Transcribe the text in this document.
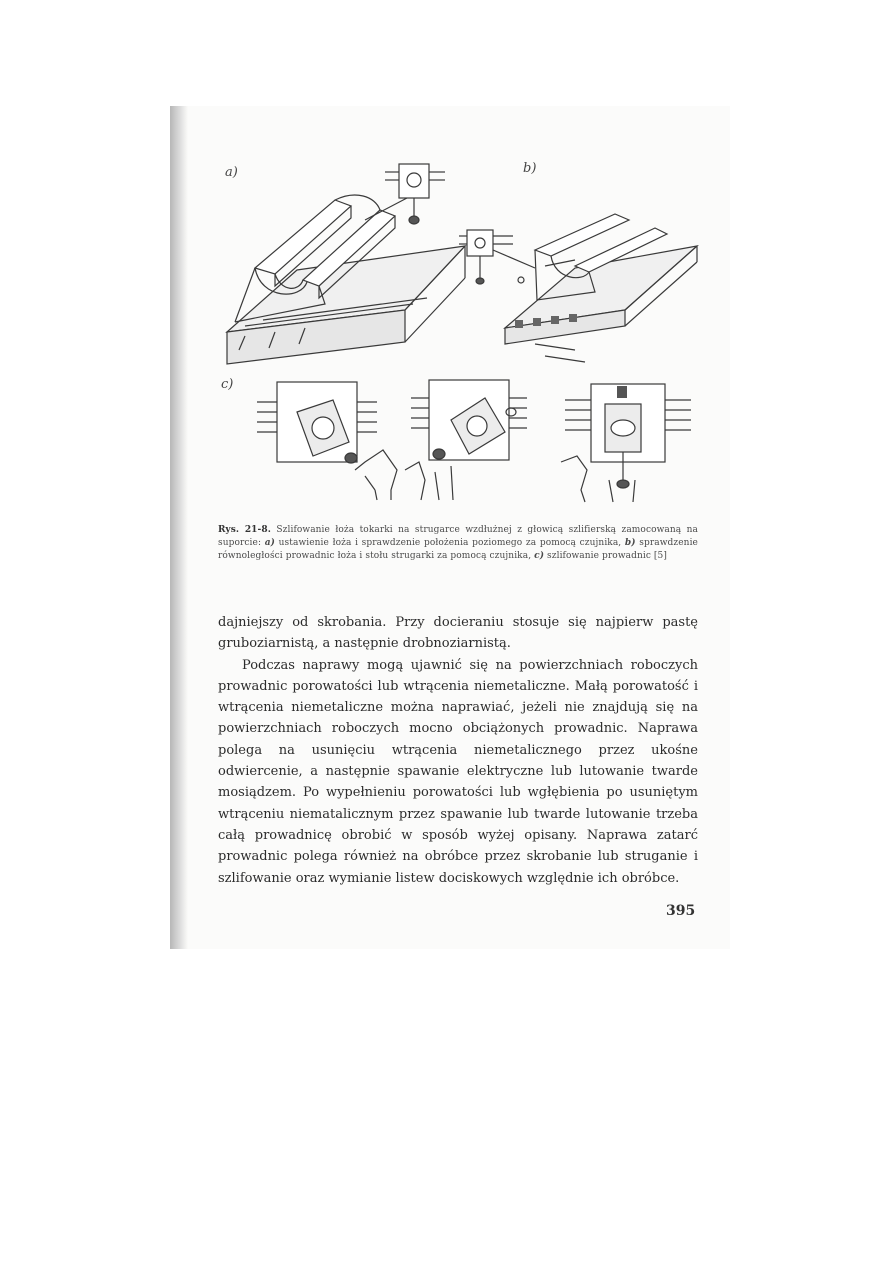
a)	b)
c)
Rys. 21-8. Szlifowanie łoża tokarki na strugarce wzdłużnej z głowicą szlifierską zamocowaną na suporcie: a) ustawienie łoża i sprawdzenie położenia poziomego za pomocą czujnika, b) sprawdzenie równoległości prowadnic łoża i stołu strugarki za pomocą czujnika, c) szlifowanie prowadnic [5]

dajniejszy od skrobania. Przy docieraniu stosuje się najpierw pastę gruboziarnistą, a następnie drobnoziarnistą.

Podczas naprawy mogą ujawnić się na powierzchniach roboczych prowadnic porowatości lub wtrącenia niemetaliczne. Małą porowatość i wtrącenia niemetaliczne można naprawiać, jeżeli nie znajdują się na powierzchniach roboczych mocno obciążonych prowadnic. Naprawa polega na usunięciu wtrącenia niemetalicznego przez ukośne odwiercenie, a następnie spawanie elektryczne lub lutowanie twarde mosiądzem. Po wypełnieniu porowatości lub wgłębienia po usuniętym wtrąceniu niematalicznym przez spawanie lub twarde lutowanie trzeba całą prowadnicę obrobić w sposób wyżej opisany. Naprawa zatarć prowadnic polega również na obróbce przez skrobanie lub struganie i szlifowanie oraz wymianie listew dociskowych względnie ich obróbce.

395
